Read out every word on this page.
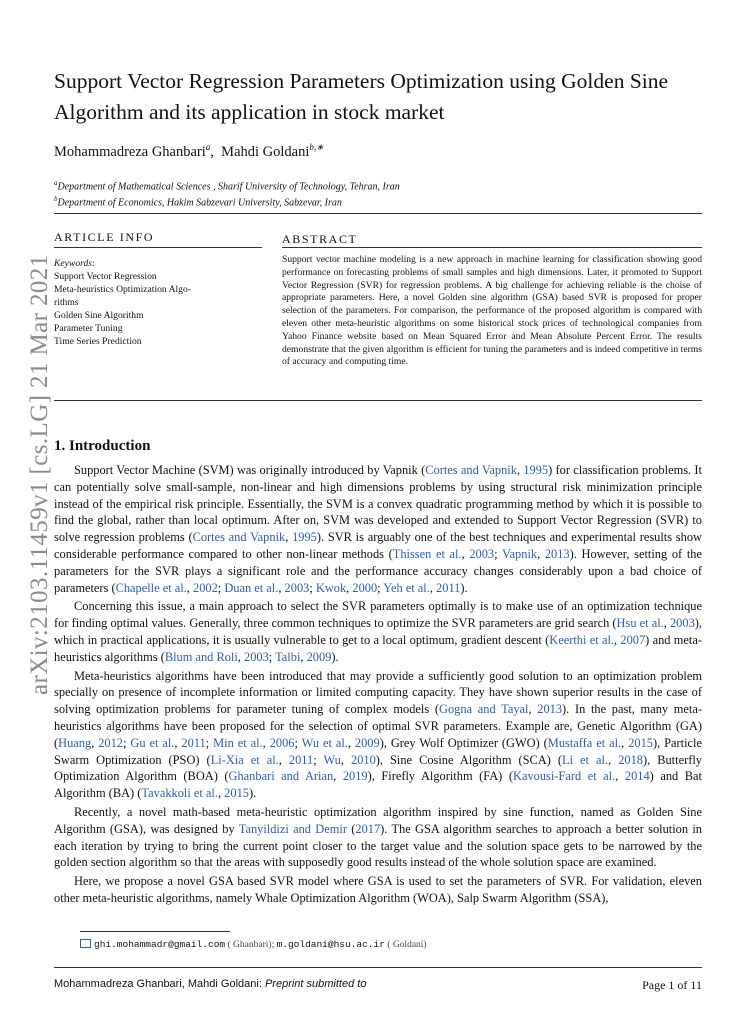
arXiv:2103.11459v1 [cs.LG] 21 Mar 2021
Support Vector Regression Parameters Optimization using Golden Sine Algorithm and its application in stock market
Mohammadreza Ghanbari$^a$,  Mahdi Goldani$^{b,∗}$
$^a$Department of Mathematical Sciences , Sharif University of Technology, Tehran, Iran
$^b$Department of Economics, Hakim Sabzevari University, Sabzevar, Iran
ARTICLE INFO

Keywords:

Support Vector Regression

Meta-heuristics Optimization Algo-

rithms

Golden Sine Algorithm

Parameter Tuning

Time Series Prediction

ABSTRACT

Support vector machine modeling is a new approach in machine learning for classification showing good performance on forecasting problems of small samples and high dimensions. Later, it promoted to Support Vector Regression (SVR) for regression problems. A big challenge for achieving reliable is the choise of appropriate parameters. Here, a novel Golden sine algorithm (GSA) based SVR is proposed for proper selection of the parameters. For comparison, the performance of the proposed algorithm is compared with eleven other meta-heuristic algorithms on some historical stock prices of technological companies from Yahoo Finance website based on Mean Squared Error and Mean Absolute Percent Error. The results demonstrate that the given algorithm is efficient for tuning the parameters and is indeed competitive in terms of accuracy and computing time.

1. Introduction

Support Vector Machine (SVM) was originally introduced by Vapnik (Cortes and Vapnik, 1995) for classification problems. It can potentially solve small-sample, non-linear and high dimensions problems by using structural risk minimization principle instead of the empirical risk principle. Essentially, the SVM is a convex quadratic programming method by which it is possible to find the global, rather than local optimum. After on, SVM was developed and extended to Support Vector Regression (SVR) to solve regression problems (Cortes and Vapnik, 1995). SVR is arguably one of the best techniques and experimental results show considerable performance compared to other non-linear methods (Thissen et al., 2003; Vapnik, 2013). However, setting of the parameters for the SVR plays a significant role and the performance accuracy changes considerably upon a bad choice of parameters (Chapelle et al., 2002; Duan et al., 2003; Kwok, 2000; Yeh et al., 2011).

Concerning this issue, a main approach to select the SVR parameters optimally is to make use of an optimization technique for finding optimal values. Generally, three common techniques to optimize the SVR parameters are grid search (Hsu et al., 2003), which in practical applications, it is usually vulnerable to get to a local optimum, gradient descent (Keerthi et al., 2007) and meta-heuristics algorithms (Blum and Roli, 2003; Talbi, 2009).

Meta-heuristics algorithms have been introduced that may provide a sufficiently good solution to an optimization problem specially on presence of incomplete information or limited computing capacity. They have shown superior results in the case of solving optimization problems for parameter tuning of complex models (Gogna and Tayal, 2013). In the past, many meta-heuristics algorithms have been proposed for the selection of optimal SVR parameters. Example are, Genetic Algorithm (GA) (Huang, 2012; Gu et al., 2011; Min et al., 2006; Wu et al., 2009), Grey Wolf Optimizer (GWO) (Mustaffa et al., 2015), Particle Swarm Optimization (PSO) (Li-Xia et al., 2011; Wu, 2010), Sine Cosine Algorithm (SCA) (Li et al., 2018), Butterfly Optimization Algorithm (BOA) (Ghanbari and Arian, 2019), Firefly Algorithm (FA) (Kavousi-Fard et al., 2014) and Bat Algorithm (BA) (Tavakkoli et al., 2015).

Recently, a novel math-based meta-heuristic optimization algorithm inspired by sine function, named as Golden Sine Algorithm (GSA), was designed by Tanyildizi and Demir (2017). The GSA algorithm searches to approach a better solution in each iteration by trying to bring the current point closer to the target value and the solution space gets to be narrowed by the golden section algorithm so that the areas with supposedly good results instead of the whole solution space are examined.

Here, we propose a novel GSA based SVR model where GSA is used to set the parameters of SVR. For validation, eleven other meta-heuristic algorithms, namely Whale Optimization Algorithm (WOA), Salp Swarm Algorithm (SSA),

ghi.mohammadr@gmail.com ( Ghanbari); m.goldani@hsu.ac.ir ( Goldani)
Mohammadreza Ghanbari, Mahdi Goldani: Preprint submitted to	Page 1 of 11
